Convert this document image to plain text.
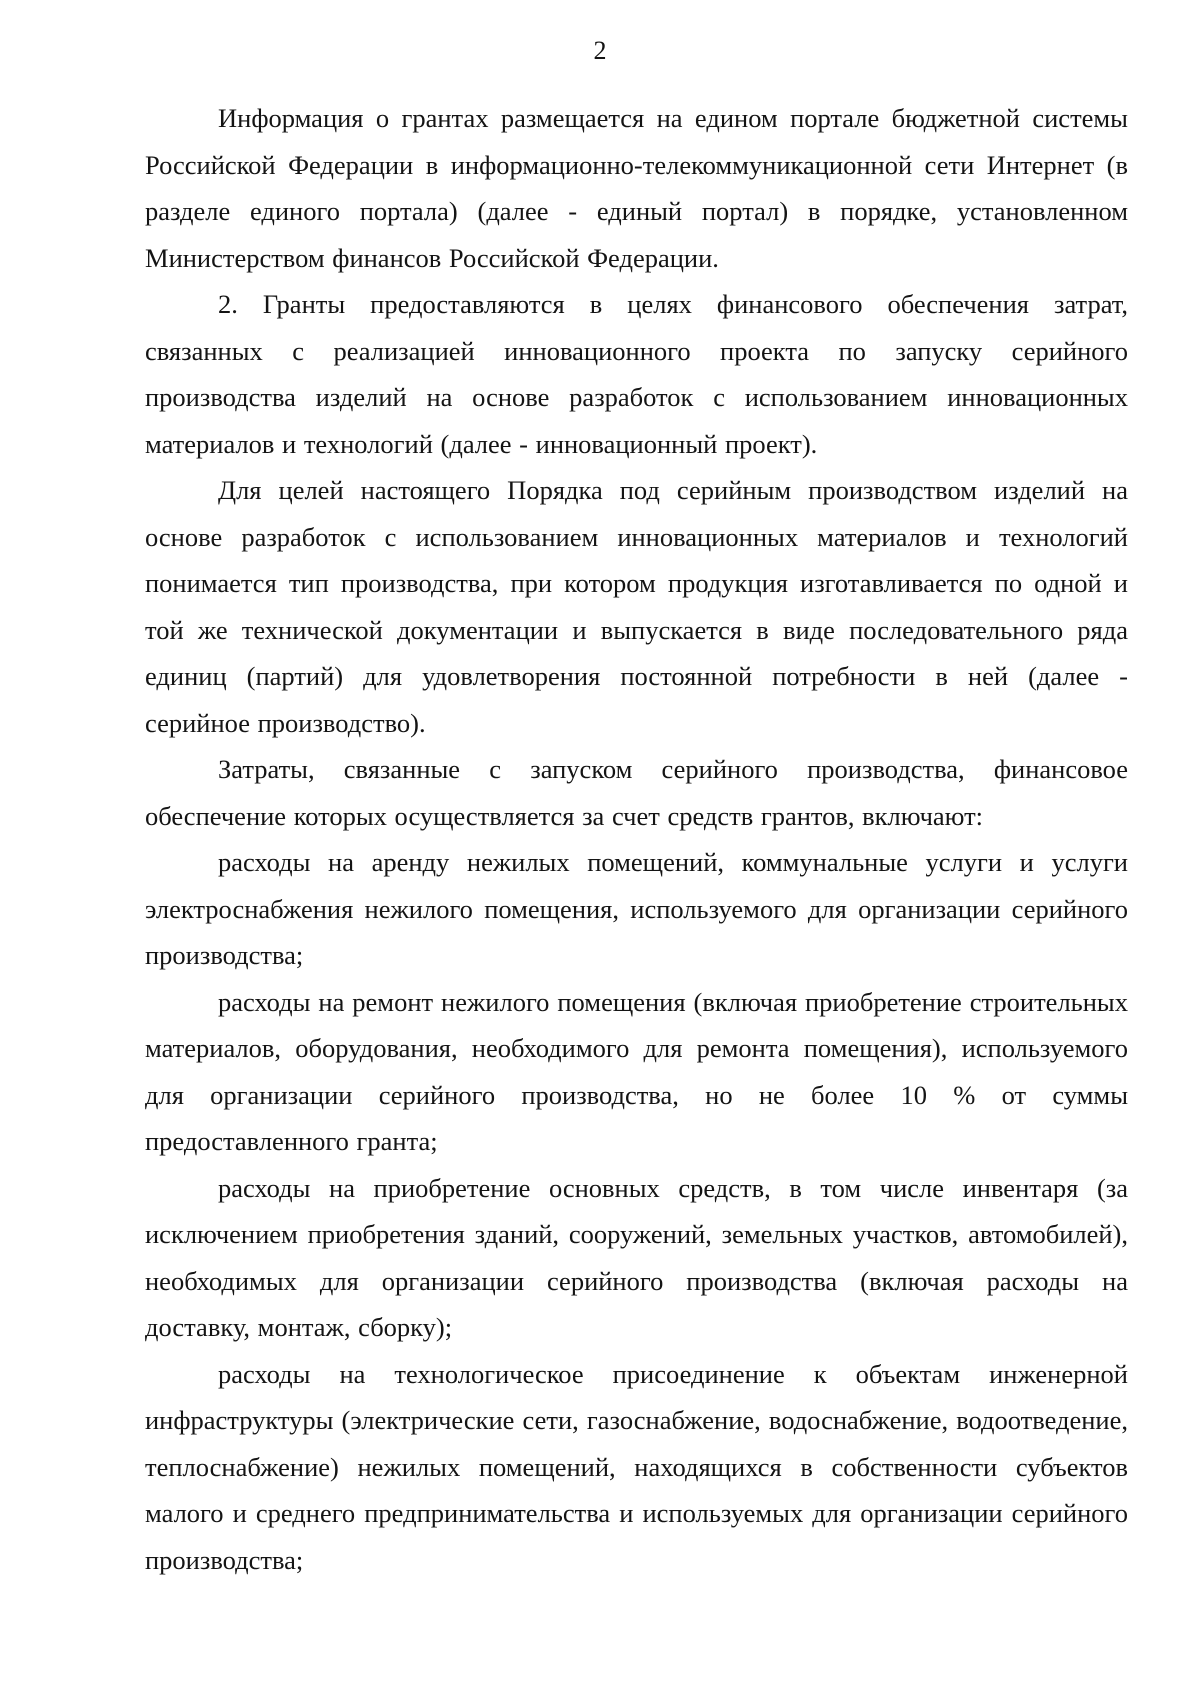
2

Информация о грантах размещается на едином портале бюджетной системы Российской Федерации в информационно-телекоммуникационной сети Интернет (в разделе единого портала) (далее - единый портал) в порядке, установленном Министерством финансов Российской Федерации.

2. Гранты предоставляются в целях финансового обеспечения затрат, связанных с реализацией инновационного проекта по запуску серийного производства изделий на основе разработок с использованием инновационных материалов и технологий (далее - инновационный проект).

Для целей настоящего Порядка под серийным производством изделий на основе разработок с использованием инновационных материалов и технологий понимается тип производства, при котором продукция изготавливается по одной и той же технической документации и выпускается в виде последовательного ряда единиц (партий) для удовлетворения постоянной потребности в ней (далее - серийное производство).

Затраты, связанные с запуском серийного производства, финансовое обеспечение которых осуществляется за счет средств грантов, включают:

расходы на аренду нежилых помещений, коммунальные услуги и услуги электроснабжения нежилого помещения, используемого для организации серийного производства;

расходы на ремонт нежилого помещения (включая приобретение строительных материалов, оборудования, необходимого для ремонта помещения), используемого для организации серийного производства, но не более 10 % от суммы предоставленного гранта;

расходы на приобретение основных средств, в том числе инвентаря (за исключением приобретения зданий, сооружений, земельных участков, автомобилей), необходимых для организации серийного производства (включая расходы на доставку, монтаж, сборку);

расходы на технологическое присоединение к объектам инженерной инфраструктуры (электрические сети, газоснабжение, водоснабжение, водоотведение, теплоснабжение) нежилых помещений, находящихся в собственности субъектов малого и среднего предпринимательства и используемых для организации серийного производства;
